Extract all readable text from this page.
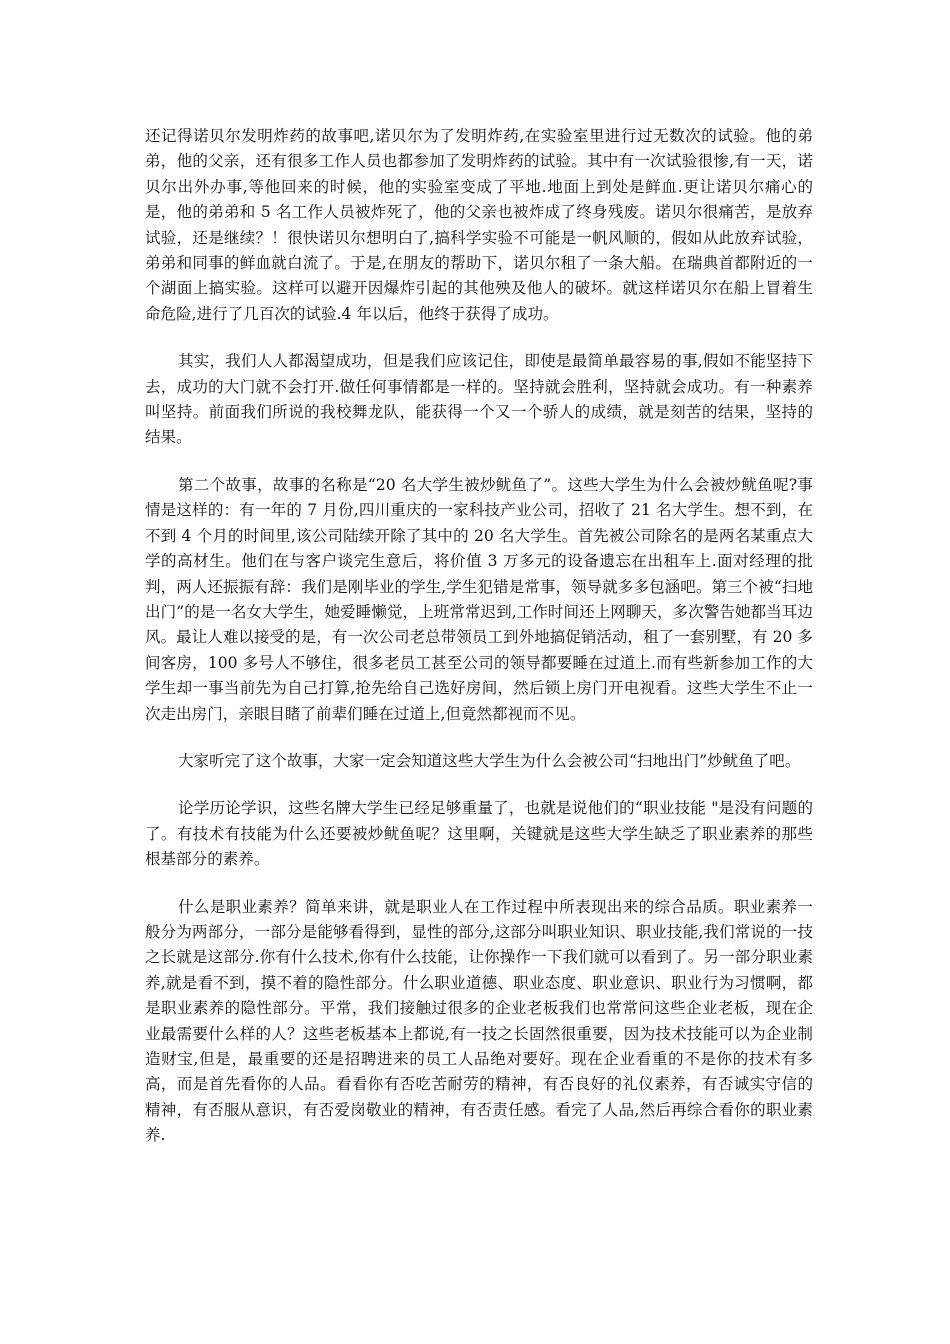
还记得诺贝尔发明炸药的故事吧,诺贝尔为了发明炸药,在实验室里进行过无数次的试验。他的弟弟，他的父亲，还有很多工作人员也都参加了发明炸药的试验。其中有一次试验很惨,有一天，诺贝尔出外办事,等他回来的时候，他的实验室变成了平地.地面上到处是鲜血.更让诺贝尔痛心的是，他的弟弟和 5 名工作人员被炸死了，他的父亲也被炸成了终身残废。诺贝尔很痛苦，是放弃试验，还是继续？！很快诺贝尔想明白了,搞科学实验不可能是一帆风顺的，假如从此放弃试验，弟弟和同事的鲜血就白流了。于是,在朋友的帮助下，诺贝尔租了一条大船。在瑞典首都附近的一个湖面上搞实验。这样可以避开因爆炸引起的其他殃及他人的破坏。就这样诺贝尔在船上冒着生命危险,进行了几百次的试验.4 年以后，他终于获得了成功。

其实，我们人人都渴望成功，但是我们应该记住，即使是最简单最容易的事,假如不能坚持下去，成功的大门就不会打开.做任何事情都是一样的。坚持就会胜利，坚持就会成功。有一种素养叫坚持。前面我们所说的我校舞龙队，能获得一个又一个骄人的成绩，就是刻苦的结果，坚持的结果。

第二个故事，故事的名称是“20 名大学生被炒鱿鱼了”。这些大学生为什么会被炒鱿鱼呢?事情是这样的：有一年的 7 月份,四川重庆的一家科技产业公司，招收了 21 名大学生。想不到，在不到 4 个月的时间里,该公司陆续开除了其中的 20 名大学生。首先被公司除名的是两名某重点大学的高材生。他们在与客户谈完生意后，将价值 3 万多元的设备遗忘在出租车上.面对经理的批判，两人还振振有辞：我们是刚毕业的学生,学生犯错是常事，领导就多多包涵吧。第三个被“扫地出门”的是一名女大学生，她爱睡懒觉，上班常常迟到,工作时间还上网聊天，多次警告她都当耳边风。最让人难以接受的是，有一次公司老总带领员工到外地搞促销活动，租了一套别墅，有 20 多间客房，100 多号人不够住，很多老员工甚至公司的领导都要睡在过道上.而有些新参加工作的大学生却一事当前先为自己打算,抢先给自己选好房间，然后锁上房门开电视看。这些大学生不止一次走出房门，亲眼目睹了前辈们睡在过道上,但竟然都视而不见。

大家听完了这个故事，大家一定会知道这些大学生为什么会被公司“扫地出门”炒鱿鱼了吧。

论学历论学识，这些名牌大学生已经足够重量了，也就是说他们的“职业技能 "是没有问题的了。有技术有技能为什么还要被炒鱿鱼呢？这里啊，关键就是这些大学生缺乏了职业素养的那些根基部分的素养。

什么是职业素养？简单来讲，就是职业人在工作过程中所表现出来的综合品质。职业素养一般分为两部分，一部分是能够看得到，显性的部分,这部分叫职业知识、职业技能,我们常说的一技之长就是这部分.你有什么技术,你有什么技能，让你操作一下我们就可以看到了。另一部分职业素养,就是看不到，摸不着的隐性部分。什么职业道德、职业态度、职业意识、职业行为习惯啊，都是职业素养的隐性部分。平常，我们接触过很多的企业老板我们也常常问这些企业老板，现在企业最需要什么样的人？这些老板基本上都说,有一技之长固然很重要，因为技术技能可以为企业制造财宝,但是，最重要的还是招聘进来的员工人品绝对要好。现在企业看重的不是你的技术有多高，而是首先看你的人品。看看你有否吃苦耐劳的精神，有否良好的礼仪素养，有否诚实守信的精神，有否服从意识，有否爱岗敬业的精神，有否责任感。看完了人品,然后再综合看你的职业素养.
